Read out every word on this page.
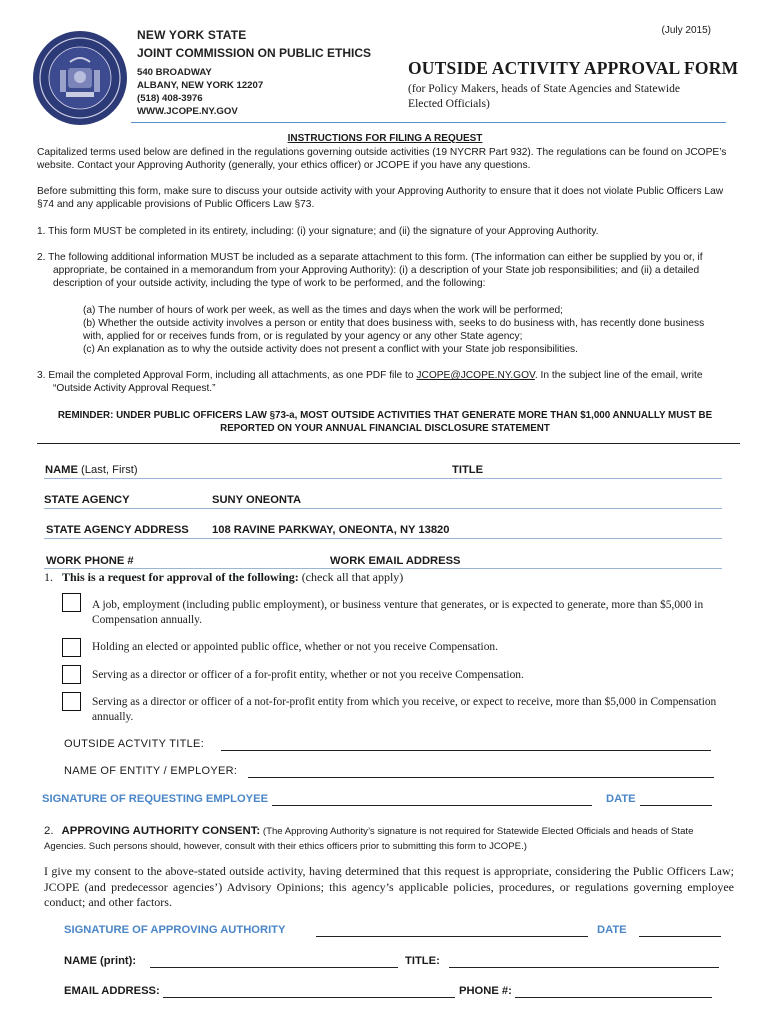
NEW YORK STATE
JOINT COMMISSION ON PUBLIC ETHICS
540 BROADWAY
ALBANY, NEW YORK 12207
(518) 408-3976
WWW.JCOPE.NY.GOV
(July 2015)
OUTSIDE ACTIVITY APPROVAL FORM
(for Policy Makers, heads of State Agencies and Statewide Elected Officials)
INSTRUCTIONS FOR FILING A REQUEST
Capitalized terms used below are defined in the regulations governing outside activities (19 NYCRR Part 932). The regulations can be found on JCOPE’s website. Contact your Approving Authority (generally, your ethics officer) or JCOPE if you have any questions.
Before submitting this form, make sure to discuss your outside activity with your Approving Authority to ensure that it does not violate Public Officers Law §74 and any applicable provisions of Public Officers Law §73.
1. This form MUST be completed in its entirety, including: (i) your signature; and (ii) the signature of your Approving Authority.
2. The following additional information MUST be included as a separate attachment to this form. (The information can either be supplied by you or, if appropriate, be contained in a memorandum from your Approving Authority): (i) a description of your State job responsibilities; and (ii) a detailed description of your outside activity, including the type of work to be performed, and the following:
(a) The number of hours of work per week, as well as the times and days when the work will be performed;
(b) Whether the outside activity involves a person or entity that does business with, seeks to do business with, has recently done business with, applied for or receives funds from, or is regulated by your agency or any other State agency;
(c) An explanation as to why the outside activity does not present a conflict with your State job responsibilities.
3. Email the completed Approval Form, including all attachments, as one PDF file to JCOPE@JCOPE.NY.GOV. In the subject line of the email, write “Outside Activity Approval Request.”
REMINDER: UNDER PUBLIC OFFICERS LAW §73-a, MOST OUTSIDE ACTIVITIES THAT GENERATE MORE THAN $1,000 ANNUALLY MUST BE REPORTED ON YOUR ANNUAL FINANCIAL DISCLOSURE STATEMENT
NAME (Last, First)	TITLE
STATE AGENCY	SUNY ONEONTA
STATE AGENCY ADDRESS 108 RAVINE PARKWAY, ONEONTA, NY 13820
WORK PHONE #	WORK EMAIL ADDRESS
1. This is a request for approval of the following: (check all that apply)
A job, employment (including public employment), or business venture that generates, or is expected to generate, more than $5,000 in Compensation annually.
Holding an elected or appointed public office, whether or not you receive Compensation.
Serving as a director or officer of a for-profit entity, whether or not you receive Compensation.
Serving as a director or officer of a not-for-profit entity from which you receive, or expect to receive, more than $5,000 in Compensation annually.
OUTSIDE ACTVITY TITLE:
NAME OF ENTITY / EMPLOYER:
SIGNATURE OF REQUESTING EMPLOYEE	DATE
2. APPROVING AUTHORITY CONSENT: (The Approving Authority’s signature is not required for Statewide Elected Officials and heads of State Agencies. Such persons should, however, consult with their ethics officers prior to submitting this form to JCOPE.)
I give my consent to the above-stated outside activity, having determined that this request is appropriate, considering the Public Officers Law; JCOPE (and predecessor agencies’) Advisory Opinions; this agency’s applicable policies, procedures, or regulations governing employee conduct; and other factors.
SIGNATURE OF APPROVING AUTHORITY	DATE
NAME (print):	TITLE:
EMAIL ADDRESS:	PHONE #:
